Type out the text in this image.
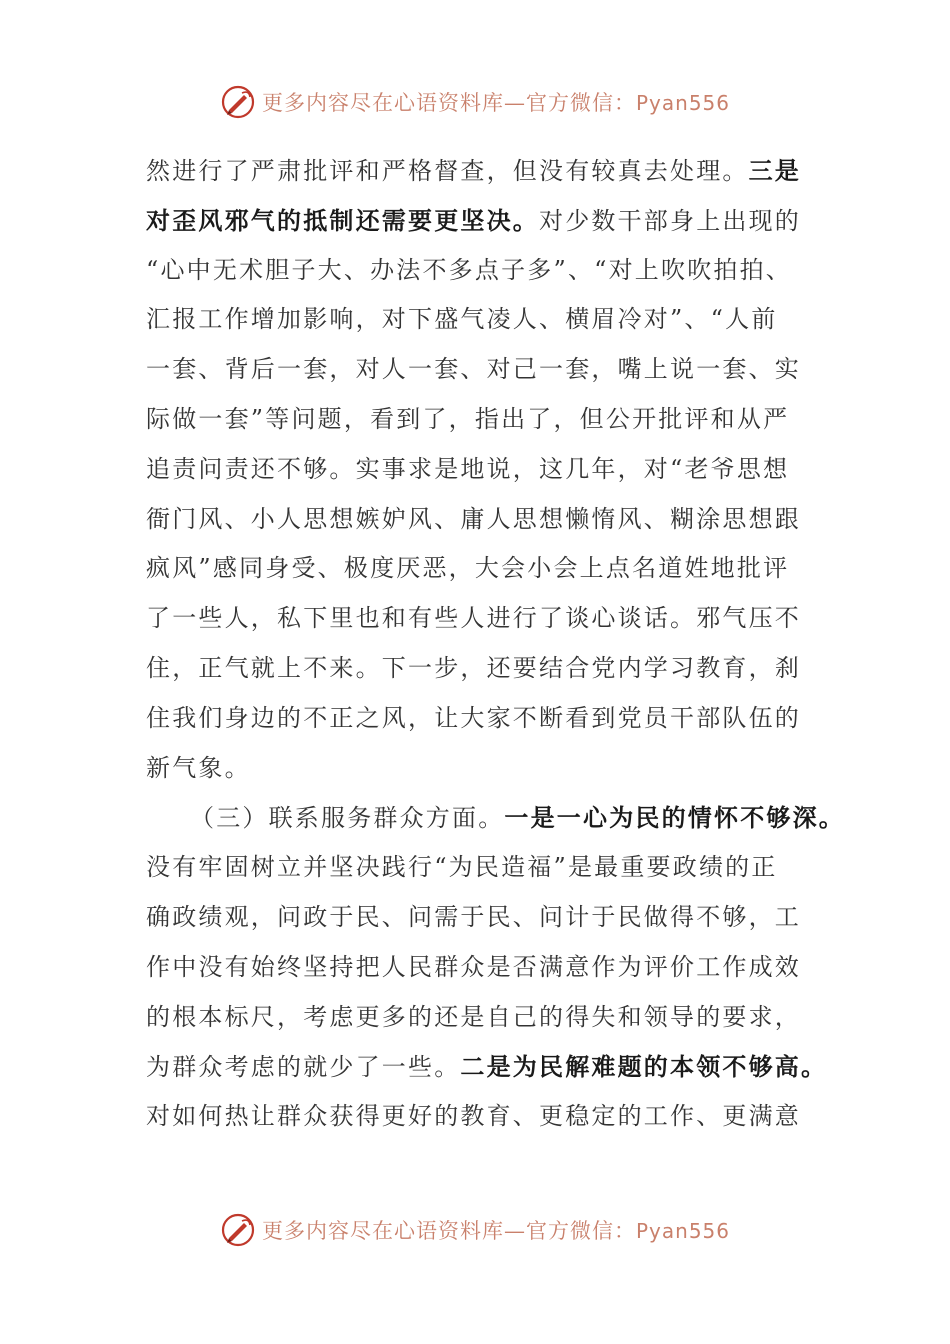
更多内容尽在心语资料库—官方微信：Pyan556
然进行了严肃批评和严格督查，但没有较真去处理。三是
对歪风邪气的抵制还需要更坚决。对少数干部身上出现的
“心中无术胆子大、办法不多点子多”、“对上吹吹拍拍、
汇报工作增加影响，对下盛气凌人、横眉冷对”、“人前
一套、背后一套，对人一套、对己一套，嘴上说一套、实
际做一套”等问题，看到了，指出了，但公开批评和从严
追责问责还不够。实事求是地说，这几年，对“老爷思想
衙门风、小人思想嫉妒风、庸人思想懒惰风、糊涂思想跟
疯风”感同身受、极度厌恶，大会小会上点名道姓地批评
了一些人，私下里也和有些人进行了谈心谈话。邪气压不
住，正气就上不来。下一步，还要结合党内学习教育，刹
住我们身边的不正之风，让大家不断看到党员干部队伍的
新气象。
（三）联系服务群众方面。一是一心为民的情怀不够深。
没有牢固树立并坚决践行“为民造福”是最重要政绩的正
确政绩观，问政于民、问需于民、问计于民做得不够，工
作中没有始终坚持把人民群众是否满意作为评价工作成效
的根本标尺，考虑更多的还是自己的得失和领导的要求，
为群众考虑的就少了一些。二是为民解难题的本领不够高。
对如何热让群众获得更好的教育、更稳定的工作、更满意
更多内容尽在心语资料库—官方微信：Pyan556
